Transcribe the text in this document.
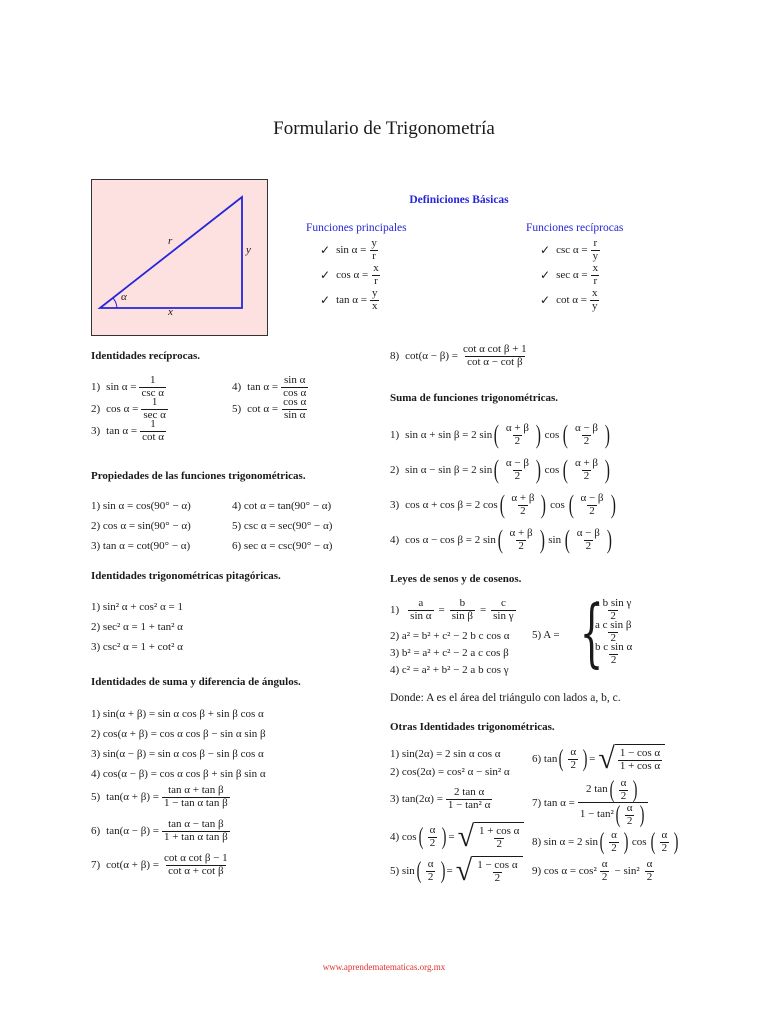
Formulario de Trigonometría
r
y
x
α
Definiciones Básicas
Funciones principales	Funciones recíprocas
✓ $\sin \alpha = \frac{y}{r}$
✓ $\cos \alpha = \frac{x}{r}$
✓ $\tan \alpha = \frac{y}{x}$
✓ $\csc \alpha = \frac{r}{y}$
✓ $\sec \alpha = \frac{x}{r}$
✓ $\cot \alpha = \frac{x}{y}$
Identidades recíprocas.
1) sin α =
1
csc α
2) cos α =
1
sec α
3) $\tan \alpha = \frac{1}{\text{cot α}}$
4) $\tan \alpha = \frac{\text{sin α}}{\text{cos α}}$
5) $\cot \alpha = \frac{\text{cos α}}{\text{sin α}}$
Propiedades de las funciones trigonométricas.
1) sin α = cos(90° − α)
2) cos α = sin(90° − α)
3) tan α = cot(90° − α)
4) cot α = tan(90° − α)
5) csc α = sec(90° − α)
6) sec α = csc(90° − α)
Identidades trigonométricas pitagóricas.
1) sin² α + cos² α = 1
2) sec² α = 1 + tan² α
3) csc² α = 1 + cot² α
Identidades de suma y diferencia de ángulos.
1) sin(α + β) = sin α cos β + sin β cos α
2) cos(α + β) = cos α cos β − sin α sin β
3) sin(α − β) = sin α cos β − sin β cos α
4) cos(α − β) = cos α cos β + sin β sin α
5) $\tan(\alpha + \beta) = \frac{\text{tan α + tan β}}{\text{1 − tan α tan β}}$
6) $\tan(\alpha - \beta) = \frac{\text{tan α − tan β}}{\text{1 + tan α tan β}}$
7) $\cot(\alpha + \beta) = \frac{\text{cot α cot β − 1}}{\text{cot α + cot β}}$
8) $\cot(\alpha - \beta) = \frac{\text{cot α cot β + 1}}{\text{cot α − cot β}}$
Suma de funciones trigonométricas.
1) sin α + sin β = 2 sin ( $\frac{\alpha + \beta}{2}$ ) cos ( $\frac{\alpha - \beta}{2}$ )
2) sin α − sin β = 2 sin ( $\frac{\alpha - \beta}{2}$ ) cos ( $\frac{\alpha + \beta}{2}$ )
3) cos α + cos β = 2 cos ( $\frac{\alpha + \beta}{2}$ ) cos ( $\frac{\alpha - \beta}{2}$ )
4) cos α − cos β = 2 sin ( $\frac{\alpha + \beta}{2}$ ) sin ( $\frac{\alpha - \beta}{2}$ )
Leyes de senos y de cosenos.
$1) \frac{a}{\text{sin α}} = \frac{b}{\text{sin β}} = \frac{c}{\text{sin γ}}$
2) a² = b² + c² − 2 b c cos α
3) b² = a² + c² − 2 a c cos β
4) c² = a² + b² − 2 a b cos γ
5) A = {
$\frac{\text{a b sin γ}}{2}$
$\frac{\text{a c sin β}}{2}$
$\frac{\text{b c sin α}}{2}$
Donde: A es el área del triángulo con lados a, b, c.
Otras Identidades trigonométricas.
1) sin(2α) = 2 sin α cos α
2) cos(2α) = cos² α − sin² α
6) tan ( $\frac{\alpha}{2}$ ) = √ $\frac{\text{1 − cos α}}{\text{1 + cos α}}$
3) $\tan(2\alpha) = \frac{\text{2 tan α}}{\text{1 − tan² α}}$	7) $\tan \alpha = \frac{2 \tan ( \frac{\alpha}{2} )}{1 - \tan^2 ( \frac{\alpha}{2} )}$
4) cos ( $\frac{\alpha}{2}$ ) = √ $\frac{\text{1 + cos α}}{2} 8$) sin α = 2 sin ( $\frac{\alpha}{2}$ ) cos ( $\frac{\alpha}{2}$ )
5) sin ( $\frac{\alpha}{2}$ ) = √ $\frac{\text{1 − cos α}}{2} 9$) $\cos \alpha = \cos^2 \frac{\alpha}{2} - \sin^2 \frac{\alpha}{2}$
www.aprendematematicas.org.mx
